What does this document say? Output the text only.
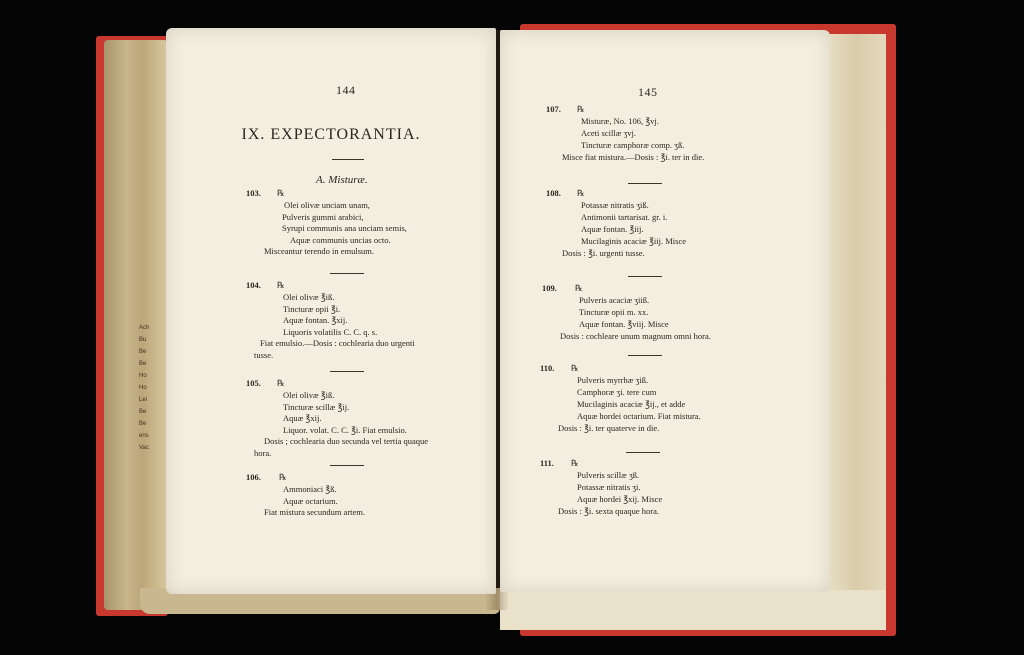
Ach
Bu
Be
Be
Ho
Ho
Lei
Be
Be
ens
Vac
144
IX. EXPECTORANTIA.
A. Misturæ.
103. ℞
Olei olivæ unciam unam,
Pulveris gummi arabici,
Syrupi communis ana unciam semis,
Aquæ communis uncias octo.
Misceantur terendo in emulsum.
104. ℞
Olei olivæ ℥iß.
Tincturæ opii ℥i.
Aquæ fontan. ℥xij.
Liquoris volatilis C. C. q. s.
Fiat emulsio.—Dosis : cochlearia duo urgenti
tusse.
105. ℞
Olei olivæ ℥iß.
Tincturæ scillæ ℥ij.
Aquæ ℥xij.
Liquor. volat. C. C. ℥i. Fiat emulsio.
Dosis ; cochlearia duo secunda vel tertia quaque
hora.
106. ℞
Ammoniaci ℥ß.
Aquæ octarium.
Fiat mistura secundum artem.
145
107. ℞
Misturæ, No. 106, ℥vj.
Aceti scillæ ʒvj.
Tincturæ camphoræ comp. ʒß.
Misce fiat mistura.—Dosis : ℥i. ter in die.
108. ℞
Potassæ nitratis ʒiß.
Antimonii tartarisat. gr. i.
Aquæ fontan. ℥iij.
Mucilaginis acaciæ ℥iij. Misce
Dosis : ℥i. urgenti tusse.
109. ℞
Pulveris acaciæ ʒiiß.
Tincturæ opii m. xx.
Aquæ fontan. ℥viij. Misce
Dosis : cochleare unum magnum omni hora.
110. ℞
Pulveris myrrhæ ʒiß.
Camphoræ ʒi. tere cum
Mucilaginis acaciæ ℥ij., et adde
Aquæ hordei octarium. Fiat mistura.
Dosis : ℥i. ter quaterve in die.
111. ℞
Pulveris scillæ ʒß.
Potassæ nitratis ʒi.
Aquæ hordei ℥xij. Misce
Dosis : ℥i. sexta quaque hora.
